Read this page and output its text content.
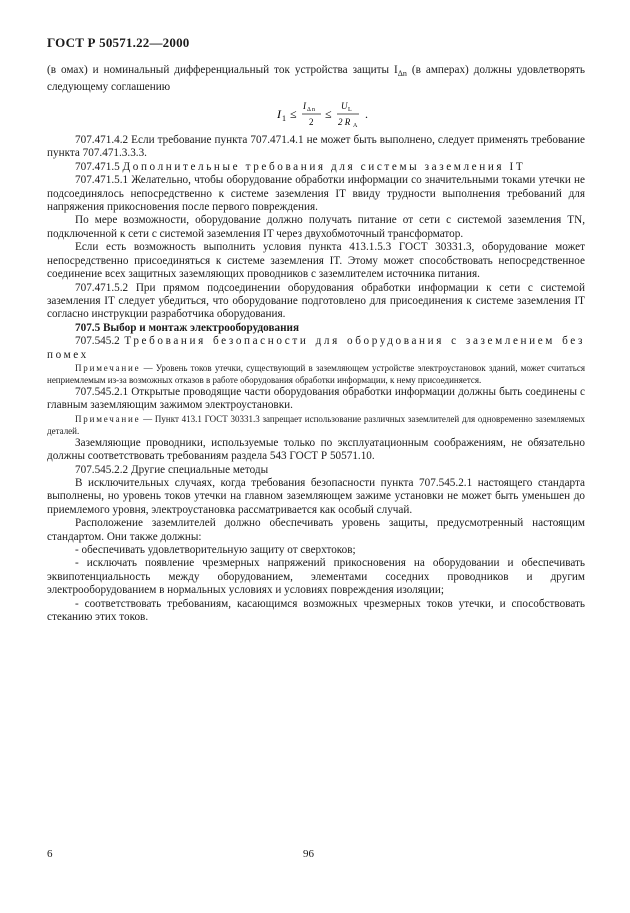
ГОСТ Р 50571.22—2000

(в омах) и номинальный дифференциальный ток устройства защиты $I_{\Delta n}$ (в амперах) должны удовлетворять следующему соглашению

I 1 ≤
I Δ n
2
≤
U L
2 R A
.

707.471.4.2 Если требование пункта 707.471.4.1 не может быть выполнено, следует применять требование пункта 707.471.3.3.3.

707.471.5 Дополнительные требования для системы заземления IT

707.471.5.1 Желательно, чтобы оборудование обработки информации со значительными токами утечки не подсоединялось непосредственно к системе заземления IT ввиду трудности выполнения требований для напряжения прикосновения после первого повреждения.

По мере возможности, оборудование должно получать питание от сети с системой заземления TN, подключенной к сети с системой заземления IT через двухобмоточный трансформатор.

Если есть возможность выполнить условия пункта 413.1.5.3 ГОСТ 30331.3, оборудование может непосредственно присоединяться к системе заземления IT. Этому может способствовать непосредственное соединение всех защитных заземляющих проводников с заземлителем источника питания.

707.471.5.2 При прямом подсоединении оборудования обработки информации к сети с системой заземления IT следует убедиться, что оборудование подготовлено для присоединения к системе заземления IT согласно инструкции разработчика оборудования.

707.5 Выбор и монтаж электрооборудования

707.545.2 Требования безопасности для оборудования с заземлением без помех

Примечание — Уровень токов утечки, существующий в заземляющем устройстве электроустановок зданий, может считаться неприемлемым из-за возможных отказов в работе оборудования обработки информации, к нему присоединяется.

707.545.2.1 Открытые проводящие части оборудования обработки информации должны быть соединены с главным заземляющим зажимом электроустановки.

Примечание — Пункт 413.1 ГОСТ 30331.3 запрещает использование различных заземлителей для одновременно заземляемых деталей.

Заземляющие проводники, используемые только по эксплуатационным соображениям, не обязательно должны соответствовать требованиям раздела 543 ГОСТ Р 50571.10.

707.545.2.2 Другие специальные методы

В исключительных случаях, когда требования безопасности пункта 707.545.2.1 настоящего стандарта выполнены, но уровень токов утечки на главном заземляющем зажиме установки не может быть уменьшен до приемлемого уровня, электроустановка рассматривается как особый случай.

Расположение заземлителей должно обеспечивать уровень защиты, предусмотренный настоящим стандартом. Они также должны:

- обеспечивать удовлетворительную защиту от сверхтоков;

- исключать появление чрезмерных напряжений прикосновения на оборудовании и обеспечивать эквипотенциальность между оборудованием, элементами соседних проводников и другим электрооборудованием в нормальных условиях и условиях повреждения изоляции;

- соответствовать требованиям, касающимся возможных чрезмерных токов утечки, и способствовать стеканию этих токов.

6	96
